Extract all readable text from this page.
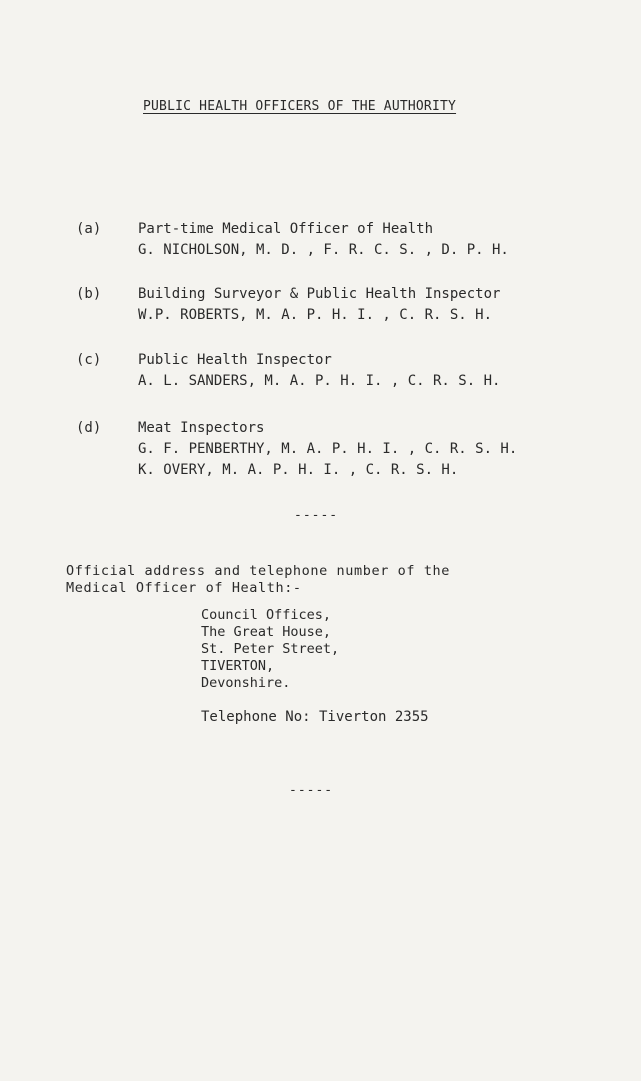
PUBLIC HEALTH OFFICERS OF THE AUTHORITY
(a)	Part-time Medical Officer of Health
G. NICHOLSON, M. D. , F. R. C. S. , D. P. H.
(b)	Building Surveyor & Public Health Inspector
W.P. ROBERTS, M. A. P. H. I. , C. R. S. H.
(c)	Public Health Inspector
A. L. SANDERS, M. A. P. H. I. , C. R. S. H.
(d)	Meat Inspectors
G. F. PENBERTHY, M. A. P. H. I. , C. R. S. H.
K. OVERY, M. A. P. H. I. , C. R. S. H.
-----
Official address and telephone number of the
Medical Officer of Health:-
Council Offices,
The Great House,
St. Peter Street,
TIVERTON,
Devonshire.
Telephone No: Tiverton 2355
-----
